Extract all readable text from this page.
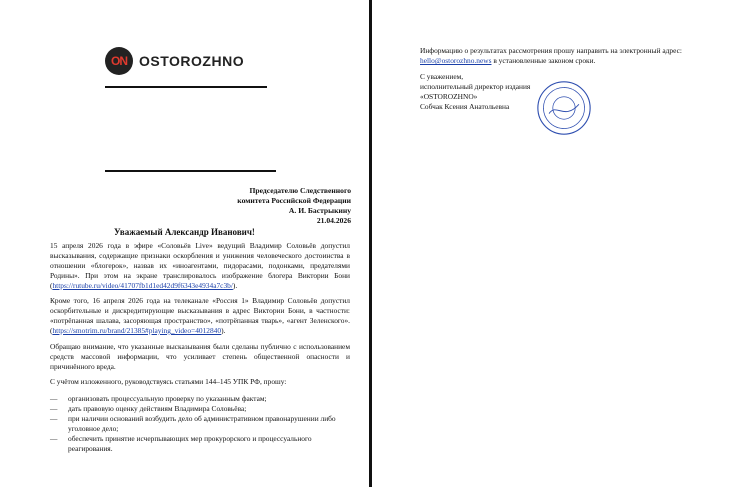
ON OSTOROZHNO
Председателю Следственного
комитета Российской Федерации
А. И. Бастрыкину
21.04.2026
Уважаемый Александр Иванович!
15 апреля 2026 года в эфире «Соловьёв Live» ведущий Владимир Соловьёв допустил высказывания, содержащие признаки оскорбления и унижения человеческого достоинства в отношении «блогерок», назвав их «иноагентами, пидорасами, подонками, предателями Родины». При этом на экране транслировалось изображение блогера Виктории Бони (https://rutube.ru/video/41707fb1d1ed42d9f6343e4934a7c3b/).
Кроме того, 16 апреля 2026 года на телеканале «Россия 1» Владимир Соловьёв допустил оскорбительные и дискредитирующие высказывания в адрес Виктории Бони, в частности: «потрёпанная шалава, засоряющая пространство», «потрёпанная тварь», «агент Зеленского». (https://smotrim.ru/brand/21385#playing_video=4012840).
Обращаю внимание, что указанные высказывания были сделаны публично с использованием средств массовой информации, что усиливает степень общественной опасности и причинённого вреда.
С учётом изложенного, руководствуясь статьями 144–145 УПК РФ, прошу:
—	организовать процессуальную проверку по указанным фактам;
—	дать правовую оценку действиям Владимира Соловьёва;
—	при наличии оснований возбудить дело об административном правонарушении либо уголовное дело;
—	обеспечить принятие исчерпывающих мер прокурорского и процессуального реагирования.
Информацию о результатах рассмотрения прошу направить на электронный адрес:
hello@ostorozhno.news в установленные законом сроки.
С уважением,
исполнительный директор издания
«OSTOROZHNO»
Собчак Ксения Анатольевна
